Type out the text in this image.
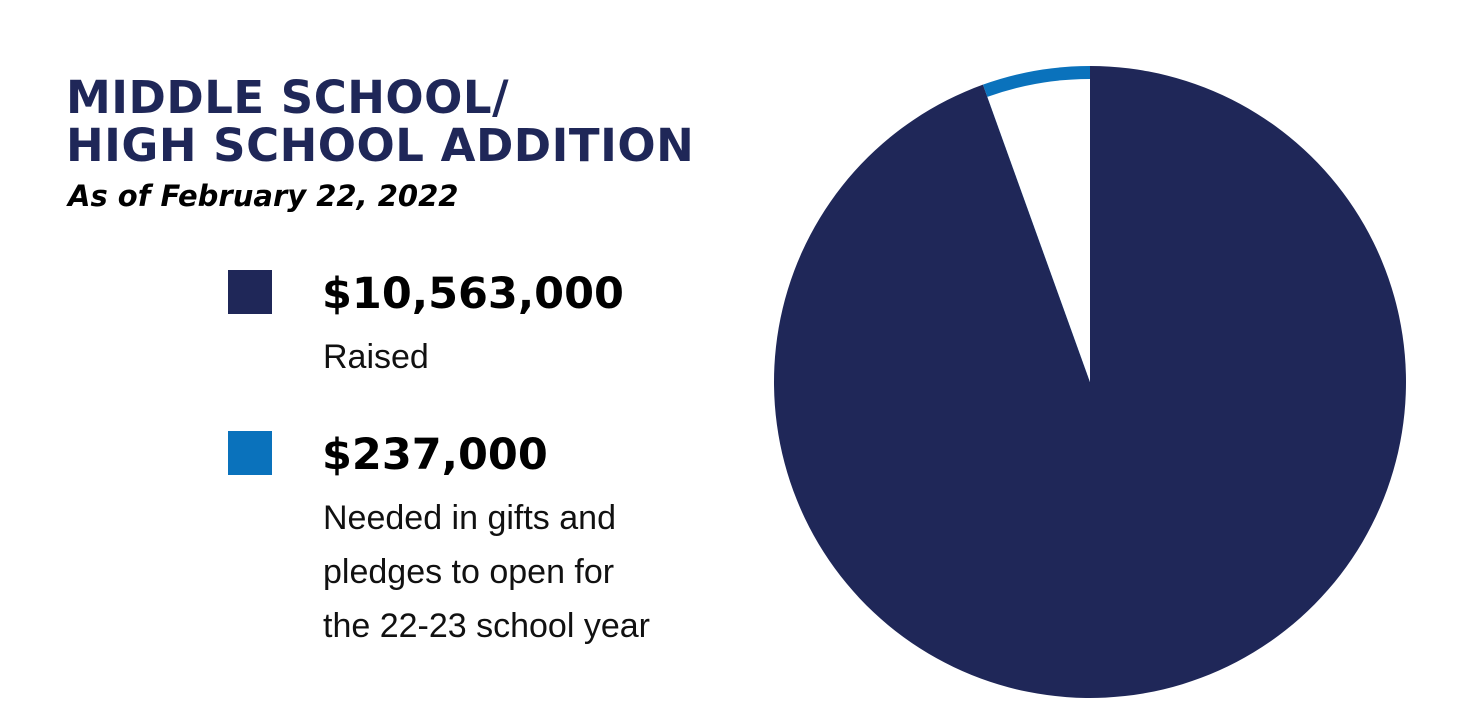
MIDDLE SCHOOL/
HIGH SCHOOL ADDITION

As of February 22, 2022

$10,563,000

Raised

$237,000

Needed in gifts and
pledges to open for
the 22-23 school year
